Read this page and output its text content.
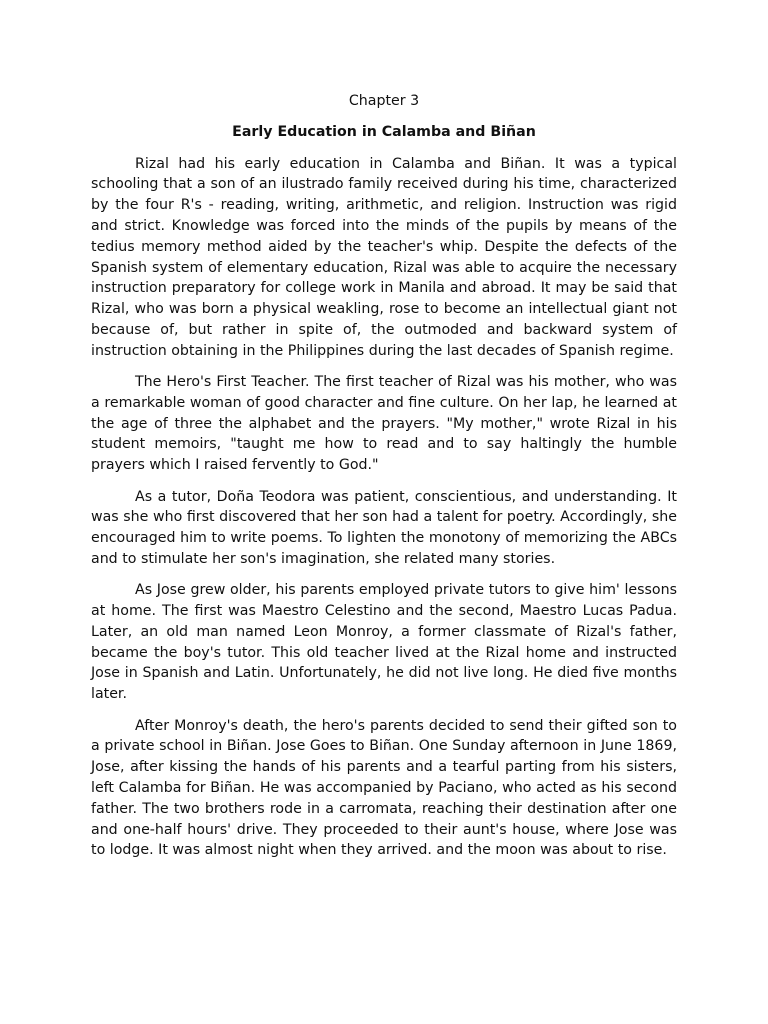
Chapter 3
Early Education in Calamba and Biñan

Rizal had his early education in Calamba and Biñan. It was a typical schooling that a son of an ilustrado family received during his time, characterized by the four R's - reading, writing, arithmetic, and religion. Instruction was rigid and strict. Knowledge was forced into the minds of the pupils by means of the tedius memory method aided by the teacher's whip. Despite the defects of the Spanish system of elementary education, Rizal was able to acquire the necessary instruction preparatory for college work in Manila and abroad. It may be said that Rizal, who was born a physical weakling, rose to become an intellectual giant not because of, but rather in spite of, the outmoded and backward system of instruction obtaining in the Philippines during the last decades of Spanish regime.

The Hero's First Teacher. The first teacher of Rizal was his mother, who was a remarkable woman of good character and fine culture. On her lap, he learned at the age of three the alphabet and the prayers. "My mother," wrote Rizal in his student memoirs, "taught me how to read and to say haltingly the humble prayers which I raised fervently to God."

As a tutor, Doña Teodora was patient, conscientious, and understanding. It was she who first discovered that her son had a talent for poetry. Accordingly, she encouraged him to write poems. To lighten the monotony of memorizing the ABCs and to stimulate her son's imagination, she related many stories.

As Jose grew older, his parents employed private tutors to give him' lessons at home. The first was Maestro Celestino and the second, Maestro Lucas Padua. Later, an old man named Leon Monroy, a former classmate of Rizal's father, became the boy's tutor. This old teacher lived at the Rizal home and instructed Jose in Spanish and Latin. Unfortunately, he did not live long. He died five months later.

After Monroy's death, the hero's parents decided to send their gifted son to a private school in Biñan. Jose Goes to Biñan. One Sunday afternoon in June 1869, Jose, after kissing the hands of his parents and a tearful parting from his sisters, left Calamba for Biñan. He was accompanied by Paciano, who acted as his second father. The two brothers rode in a carromata, reaching their destination after one and one-half hours' drive. They proceeded to their aunt's house, where Jose was to lodge. It was almost night when they arrived. and the moon was about to rise.
